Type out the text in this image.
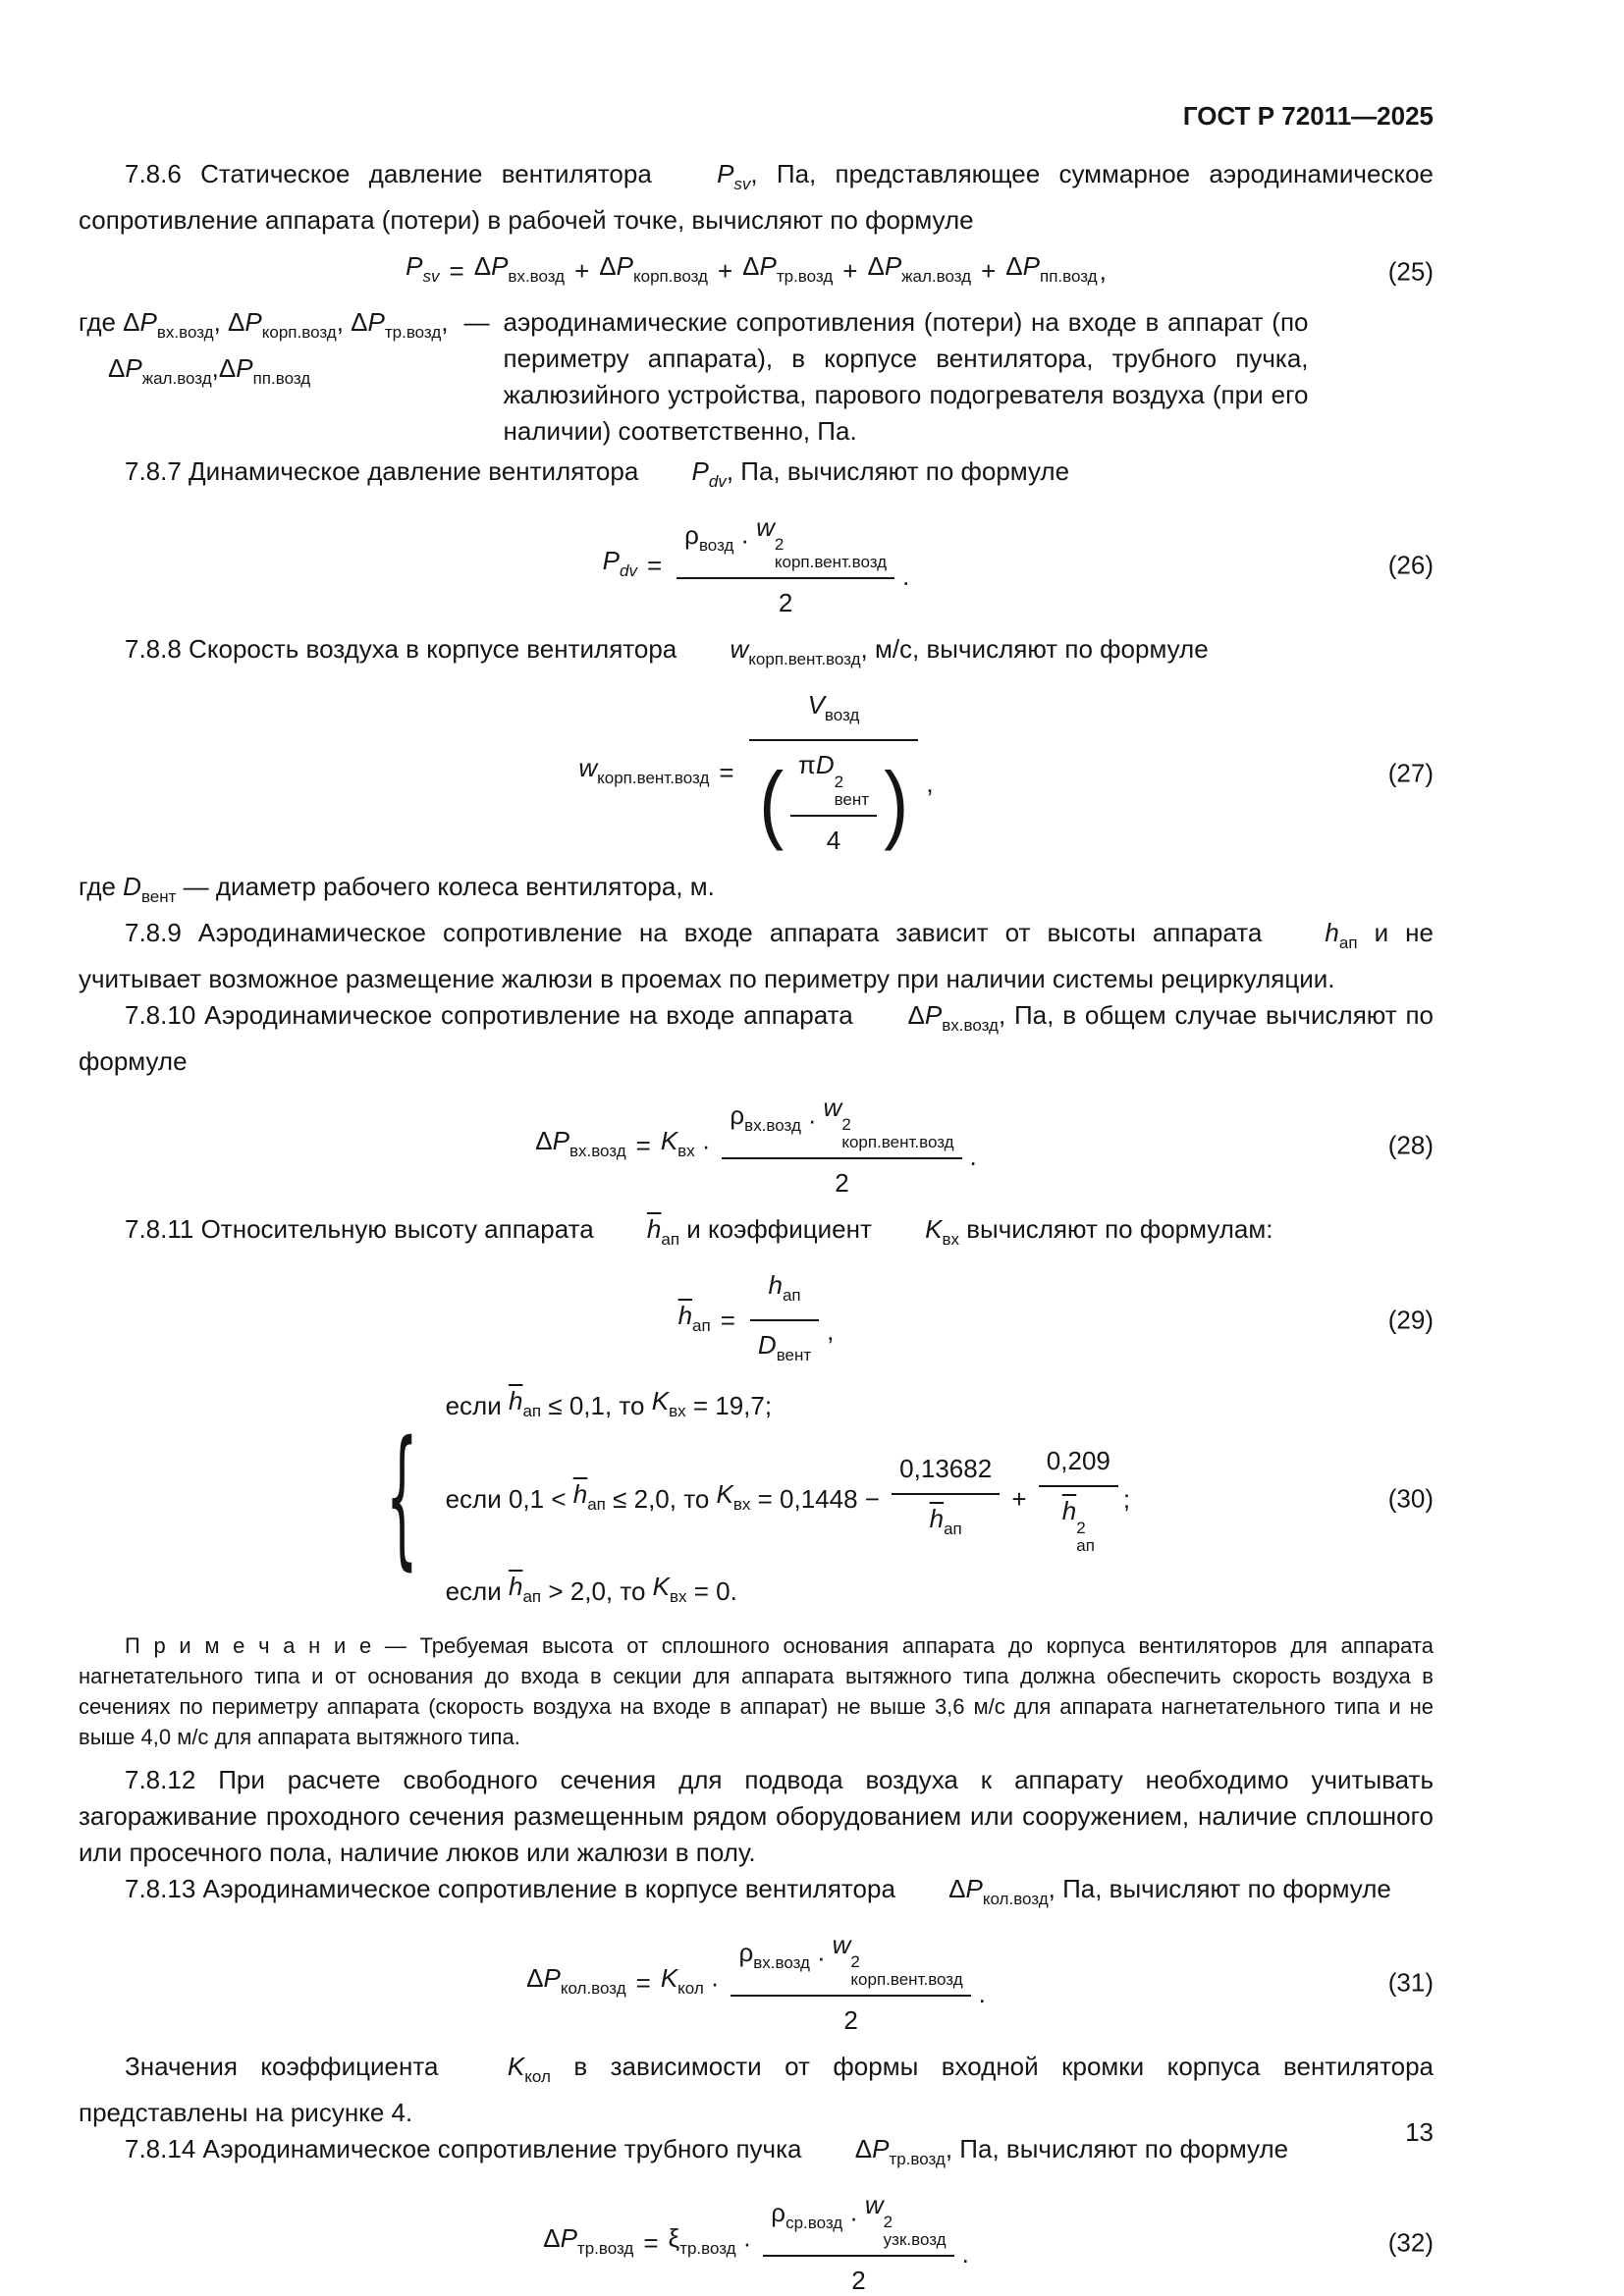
ГОСТ Р 72011—2025

7.8.6 Статическое давление вентилятора $P_{sv}$, Па, представляющее суммарное аэродинамическое сопротивление аппарата (потери) в рабочей точке, вычисляют по формуле

$P_{sv} = \Delta P_{вх.возд} + \Delta P_{корп.возд} + \Delta P_{тр.возд} + \Delta P_{жал.возд} + \Delta P_{пп.возд}$ ,	(25)
где $\Delta P_{вх.возд}$, $\Delta P_{корп.возд}$, $\Delta P_{тр.возд}$,
$\Delta P_{жал.возд},\Delta P_{пп.возд}$
— аэродинамические сопротивления (потери) на входе в аппарат (по периметру аппарата), в корпусе вентилятора, трубного пучка, жалюзийного устройства, парового подогревателя воздуха (при его наличии) соответственно, Па.

7.8.7 Динамическое давление вентилятора $P_{dv}$, Па, вычисляют по формуле

$P_{dv} = \rho_{возд} \cdot w$
2
корп.вент.возд
2 .	(26)

7.8.8 Скорость воздуха в корпусе вентилятора $w_{корп.вент.возд}$, м/с, вычисляют по формуле

$w_{корп.вент.возд}$ =
$V_{возд}$
( πD
2
вент
4 ) ,	(27)

где $D_{вент}$ — диаметр рабочего колеса вентилятора, м.

7.8.9 Аэродинамическое сопротивление на входе аппарата зависит от высоты аппарата $h_{ап}$ и не учитывает возможное размещение жалюзи в проемах по периметру при наличии системы рециркуляции.

7.8.10 Аэродинамическое сопротивление на входе аппарата $\Delta P_{вх.возд}$, Па, в общем случае вычисляют по формуле

$\Delta P_{вх.возд} = K_{вх} \cdot \rho_{вх.возд} \cdot w$
2
корп.вент.возд
2 .	(28)

7.8.11 Относительную высоту аппарата $\overline{h}_{ап}$ и коэффициент $K_{вх}$ вычисляют по формулам:

$\overline{h}_{ап} = \frac{h_{ап}}{D_{вент}}$ ,	(29)
{
если $\overline{h}_{ап} \le 0,1$, то $K_{вх} = 19,7$;
если $0,1 < \overline{h}_{ап} \le 2,0$, то $K_{вх} = 0,1448 - \frac{0,13682}{\overline{h}_{ап}} + 0,209$
$\overline{h}$
2
ап ;
если $\overline{h}_{ап} > 2,0$, то $K_{вх} = 0$.
(30)

П р и м е ч а н и е — Требуемая высота от сплошного основания аппарата до корпуса вентиляторов для аппарата нагнетательного типа и от основания до входа в секции для аппарата вытяжного типа должна обеспечить скорость воздуха в сечениях по периметру аппарата (скорость воздуха на входе в аппарат) не выше 3,6 м/с для аппарата нагнетательного типа и не выше 4,0 м/с для аппарата вытяжного типа.

7.8.12 При расчете свободного сечения для подвода воздуха к аппарату необходимо учитывать загораживание проходного сечения размещенным рядом оборудованием или сооружением, наличие сплошного или просечного пола, наличие люков или жалюзи в полу.

7.8.13 Аэродинамическое сопротивление в корпусе вентилятора $\Delta P_{кол.возд}$, Па, вычисляют по формуле

$\Delta P_{кол.возд} = K_{кол} \cdot \rho_{вх.возд} \cdot w$
2
корп.вент.возд
2 .	(31)

Значения коэффициента $K_{кол}$ в зависимости от формы входной кромки корпуса вентилятора представлены на рисунке 4.

7.8.14 Аэродинамическое сопротивление трубного пучка $\Delta P_{тр.возд}$, Па, вычисляют по формуле

$\Delta P_{тр.возд} = \xi_{тр.возд} \cdot \rho_{ср.возд} \cdot w$
2
узк.возд
2 .	(32)
13
